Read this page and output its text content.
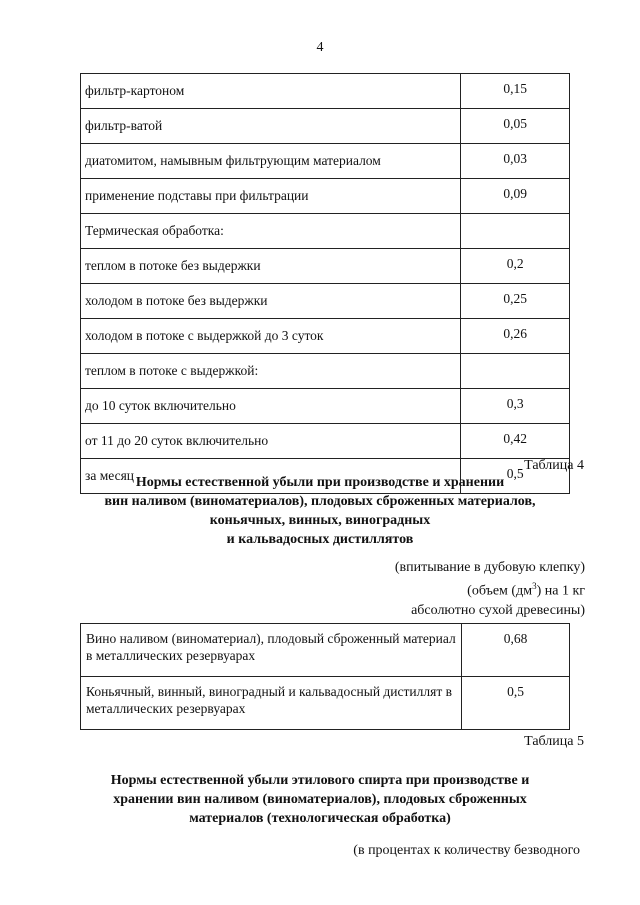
4
фильтр-картоном	0,15
фильтр-ватой	0,05
диатомитом, намывным фильтрующим материалом	0,03
применение подставы при фильтрации	0,09
Термическая обработка:	
теплом в потоке без выдержки	0,2
холодом в потоке без выдержки	0,25
холодом в потоке с выдержкой до 3 суток	0,26
теплом в потоке с выдержкой:	
до 10 суток включительно	0,3
от 11 до 20 суток включительно	0,42
за месяц	0,5
Таблица 4
Нормы естественной убыли при производстве и хранении
вин наливом (виноматериалов), плодовых сброженных материалов,
коньячных, винных, виноградных
и кальвадосных дистиллятов
(впитывание в дубовую клепку)
(объем $(дм^3)$ на 1 кг
абсолютно сухой древесины)
Вино наливом (виноматериал), плодовый сброженный материал в металлических резервуарах	0,68
Коньячный, винный, виноградный и кальвадосный дистиллят в металлических резервуарах	0,5
Таблица 5
Нормы естественной убыли этилового спирта при производстве и
хранении вин наливом (виноматериалов), плодовых сброженных
материалов (технологическая обработка)
(в процентах к количеству безводного
